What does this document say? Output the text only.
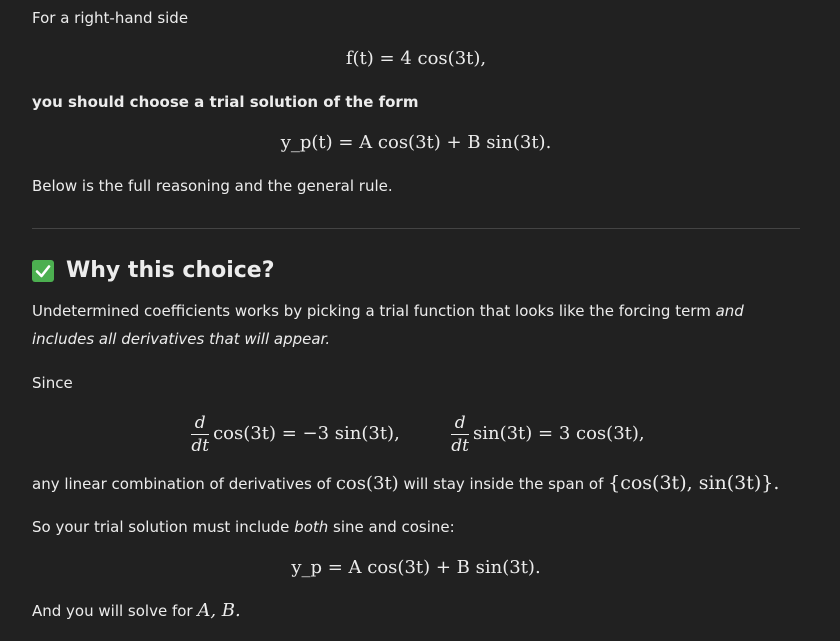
For a right-hand side

f(t) = 4 cos(3t),

you should choose a trial solution of the form

y_p(t) = A cos(3t) + B sin(3t).

Below is the full reasoning and the general rule.

Why this choice?

Undetermined coefficients works by picking a trial function that looks like the forcing term and includes all derivatives that will appear.

Since

$\frac{d}{dt} \cos(3t) = -3$ sin(3t),	$\frac{d}{dt} \sin(3t) = 3$ cos(3t),

any linear combination of derivatives of cos(3t) will stay inside the span of {cos(3t), sin(3t)}.

So your trial solution must include both sine and cosine:

y_p = A cos(3t) + B sin(3t).

And you will solve for A, B.
